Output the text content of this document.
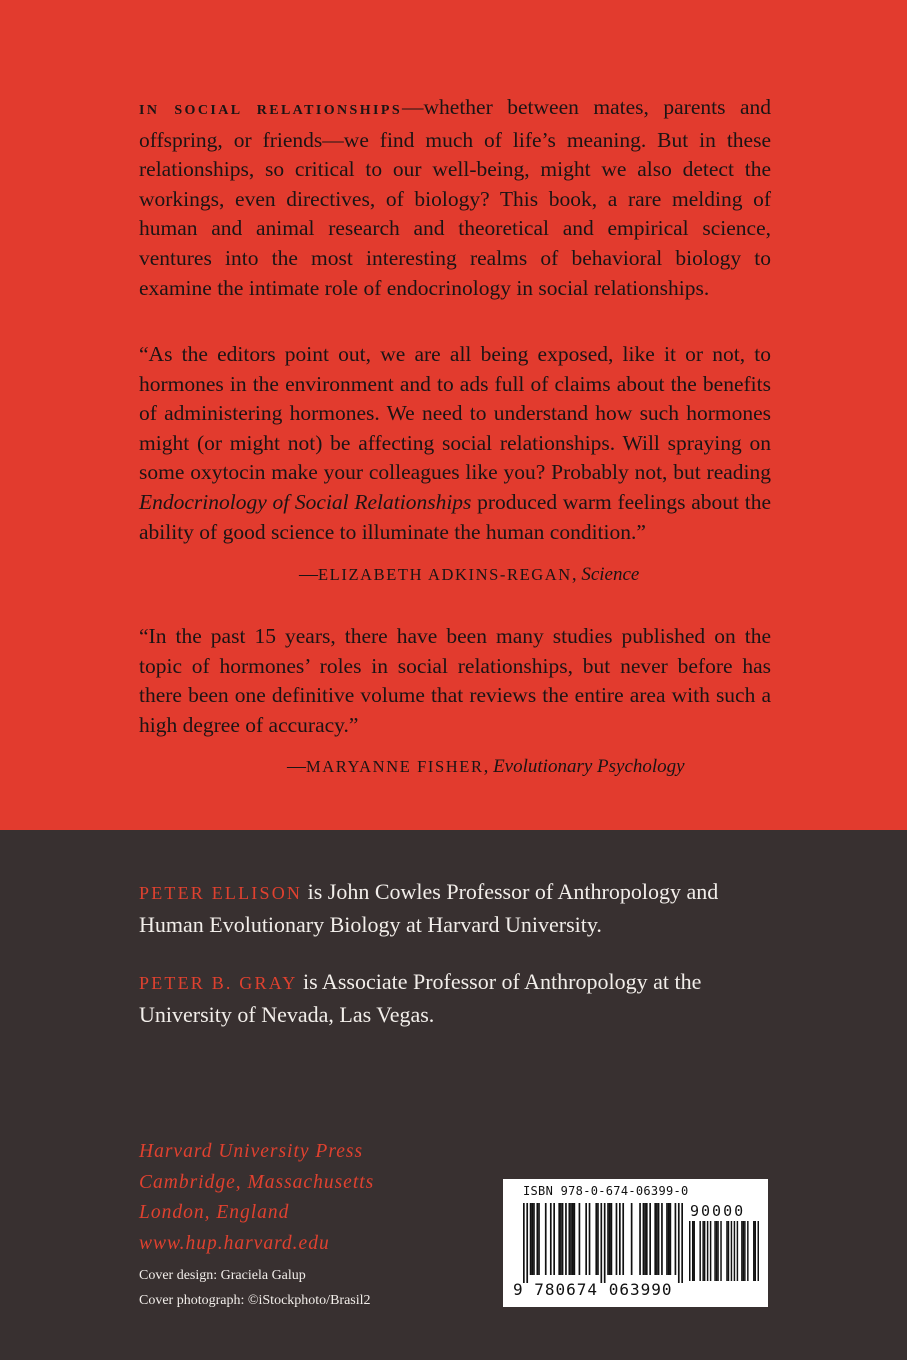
IN SOCIAL RELATIONSHIPS—whether between mates, parents and offspring, or friends—we find much of life’s meaning. But in these relationships, so critical to our well-being, might we also detect the workings, even directives, of biology? This book, a rare melding of human and animal research and theoretical and empirical science, ventures into the most interesting realms of behavioral biology to examine the intimate role of endocrinology in social relationships.

“As the editors point out, we are all being exposed, like it or not, to hormones in the environment and to ads full of claims about the benefits of administering hormones. We need to understand how such hormones might (or might not) be affecting social relationships. Will spraying on some oxytocin make your colleagues like you? Probably not, but reading Endocrinology of Social Relationships produced warm feelings about the ability of good science to illuminate the human condition.”

—ELIZABETH ADKINS-REGAN, Science

“In the past 15 years, there have been many studies published on the topic of hormones’ roles in social relationships, but never before has there been one definitive volume that reviews the entire area with such a high degree of accuracy.”

—MARYANNE FISHER, Evolutionary Psychology

PETER ELLISON is John Cowles Professor of Anthropology and Human Evolutionary Biology at Harvard University.

PETER B. GRAY is Associate Professor of Anthropology at the University of Nevada, Las Vegas.

Harvard University Press
Cambridge, Massachusetts
London, England
www.hup.harvard.edu
Cover design: Graciela Galup
Cover photograph: ©iStockphoto/Brasil2

ISBN 978-0-674-06399-0

90000

9 780674 063990
